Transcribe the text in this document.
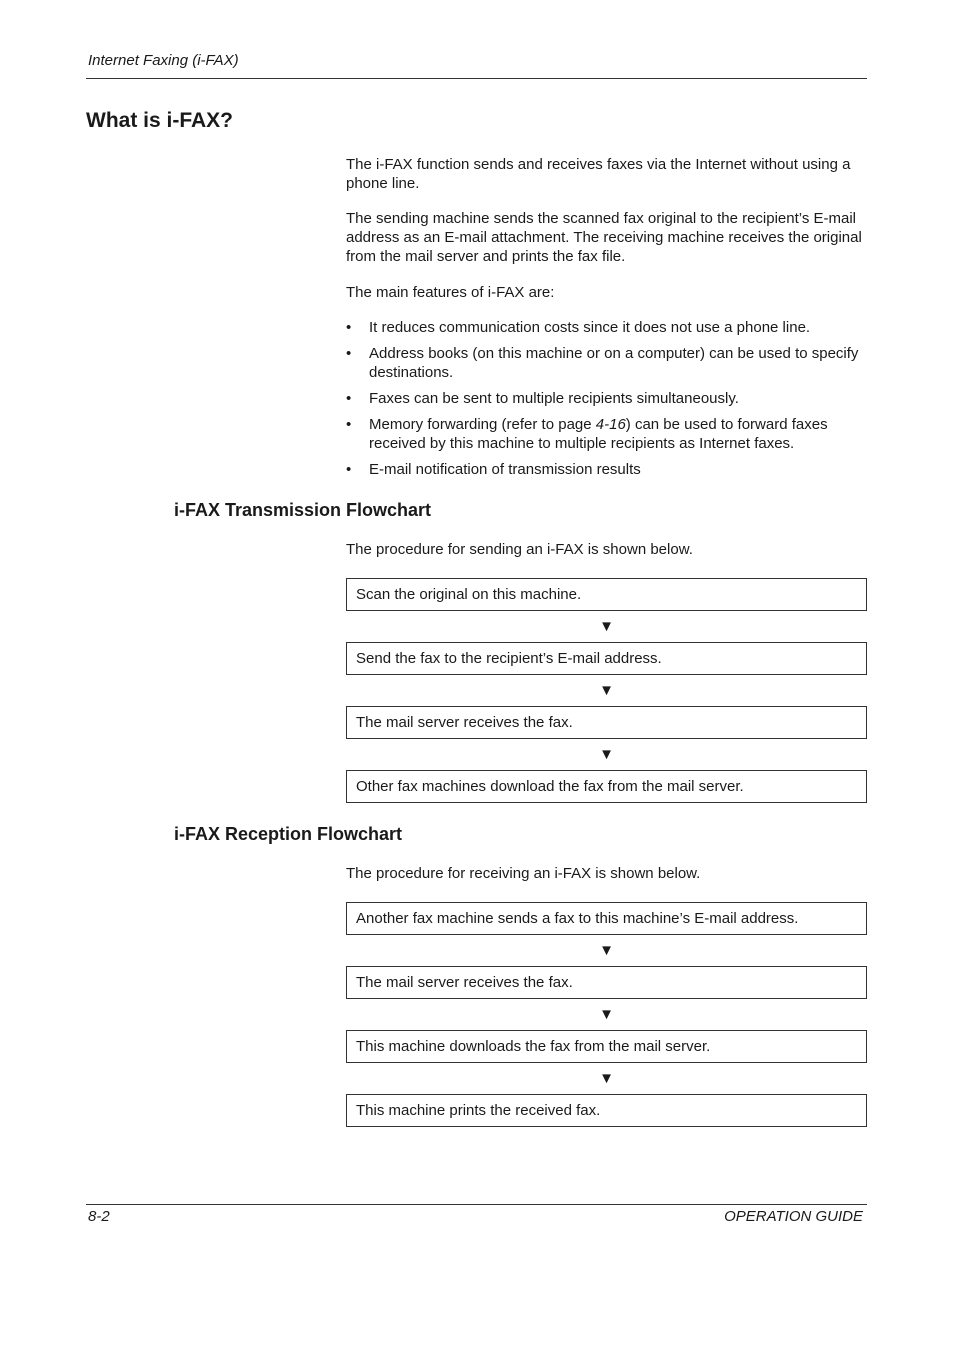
Internet Faxing (i-FAX)

What is i-FAX?

The i-FAX function sends and receives faxes via the Internet without using a phone line.

The sending machine sends the scanned fax original to the recipient’s E-mail address as an E-mail attachment. The receiving machine receives the original from the mail server and prints the fax file.

The main features of i-FAX are:

• It reduces communication costs since it does not use a phone line.
• Address books (on this machine or on a computer) can be used to specify destinations.
• Faxes can be sent to multiple recipients simultaneously.
• Memory forwarding (refer to page 4-16) can be used to forward faxes received by this machine to multiple recipients as Internet faxes.
• E-mail notification of transmission results
i-FAX Transmission Flowchart

The procedure for sending an i-FAX is shown below.

Scan the original on this machine.
▼
Send the fax to the recipient’s E-mail address.
▼
The mail server receives the fax.
▼
Other fax machines download the fax from the mail server.
i-FAX Reception Flowchart

The procedure for receiving an i-FAX is shown below.

Another fax machine sends a fax to this machine’s E-mail address.
▼
The mail server receives the fax.
▼
This machine downloads the fax from the mail server.
▼
This machine prints the received fax.

8-2	OPERATION GUIDE
